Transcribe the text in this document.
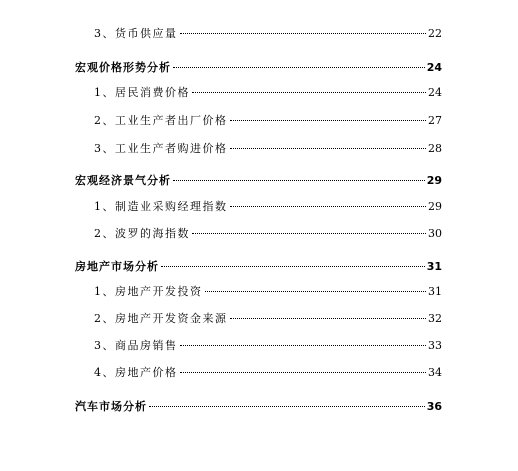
3、货币供应量	22
宏观价格形势分析	24
1、居民消费价格	24
2、工业生产者出厂价格	27
3、工业生产者购进价格	28
宏观经济景气分析	29
1、制造业采购经理指数	29
2、波罗的海指数	30
房地产市场分析	31
1、房地产开发投资	31
2、房地产开发资金来源	32
3、商品房销售	33
4、房地产价格	34
汽车市场分析	36
